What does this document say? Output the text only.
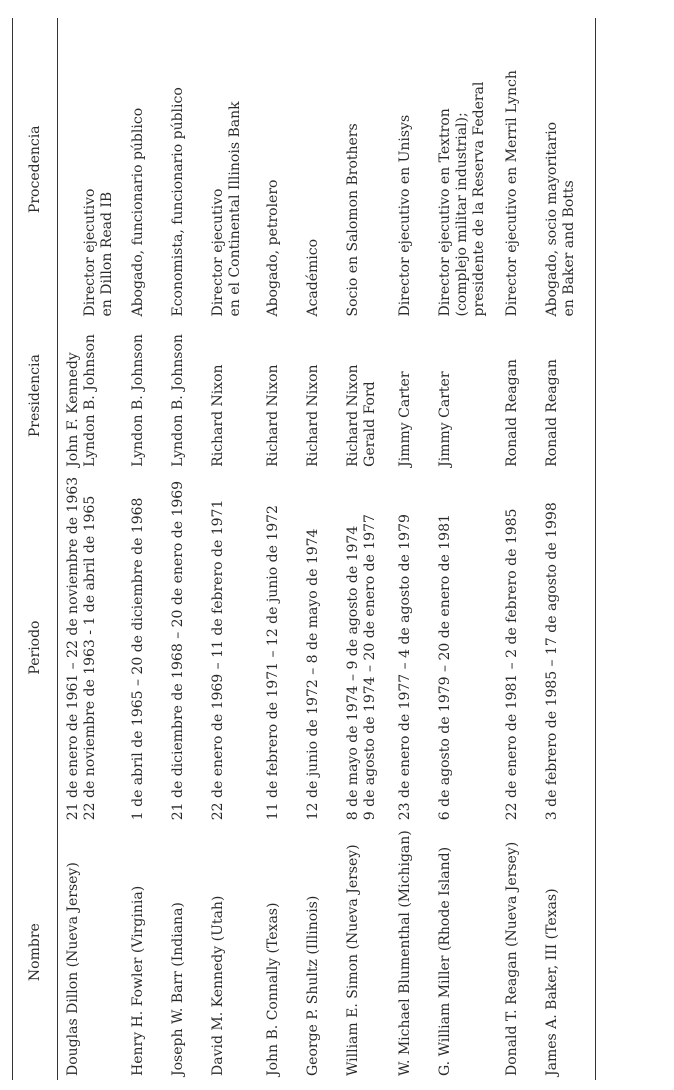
Nombre	Periodo	Presidencia	Procedencia

Douglas Dillon (Nueva Jersey)	21 de enero de 1961 – 22 de noviembre de 1963 22 de noviembre de 1963 - 1 de abril de 1965	John F. Kennedy Lyndon B. Johnson	Director ejecutivo en Dillon Read IB

Henry H. Fowler (Virginia)	1 de abril de 1965 – 20 de diciembre de 1968	Lyndon B. Johnson	Abogado, funcionario público

Joseph W. Barr (Indiana)	21 de diciembre de 1968 – 20 de enero de 1969	Lyndon B. Johnson	Economista, funcionario público

David M. Kennedy (Utah)	22 de enero de 1969 – 11 de febrero de 1971	Richard Nixon	Director ejecutivo en el Continental Illinois Bank

John B. Connally (Texas)	11 de febrero de 1971 – 12 de junio de 1972	Richard Nixon	Abogado, petrolero

George P. Shultz (Illinois)	12 de junio de 1972 – 8 de mayo de 1974	Richard Nixon	Académico

William E. Simon (Nueva Jersey)	8 de mayo de 1974 – 9 de agosto de 1974 9 de agosto de 1974 – 20 de enero de 1977	Richard Nixon Gerald Ford	Socio en Salomon Brothers

W. Michael Blumenthal (Michigan)	23 de enero de 1977 – 4 de agosto de 1979	Jimmy Carter	Director ejecutivo en Unisys

G. William Miller (Rhode Island)	6 de agosto de 1979 – 20 de enero de 1981	Jimmy Carter	Director ejecutivo en Textron (complejo militar industrial); presidente de la Reserva Federal

Donald T. Reagan (Nueva Jersey)	22 de enero de 1981 – 2 de febrero de 1985	Ronald Reagan	Director ejecutivo en Merril Lynch

James A. Baker, III (Texas)	3 de febrero de 1985 – 17 de agosto de 1998	Ronald Reagan	Abogado, socio mayoritario en Baker and Botts
